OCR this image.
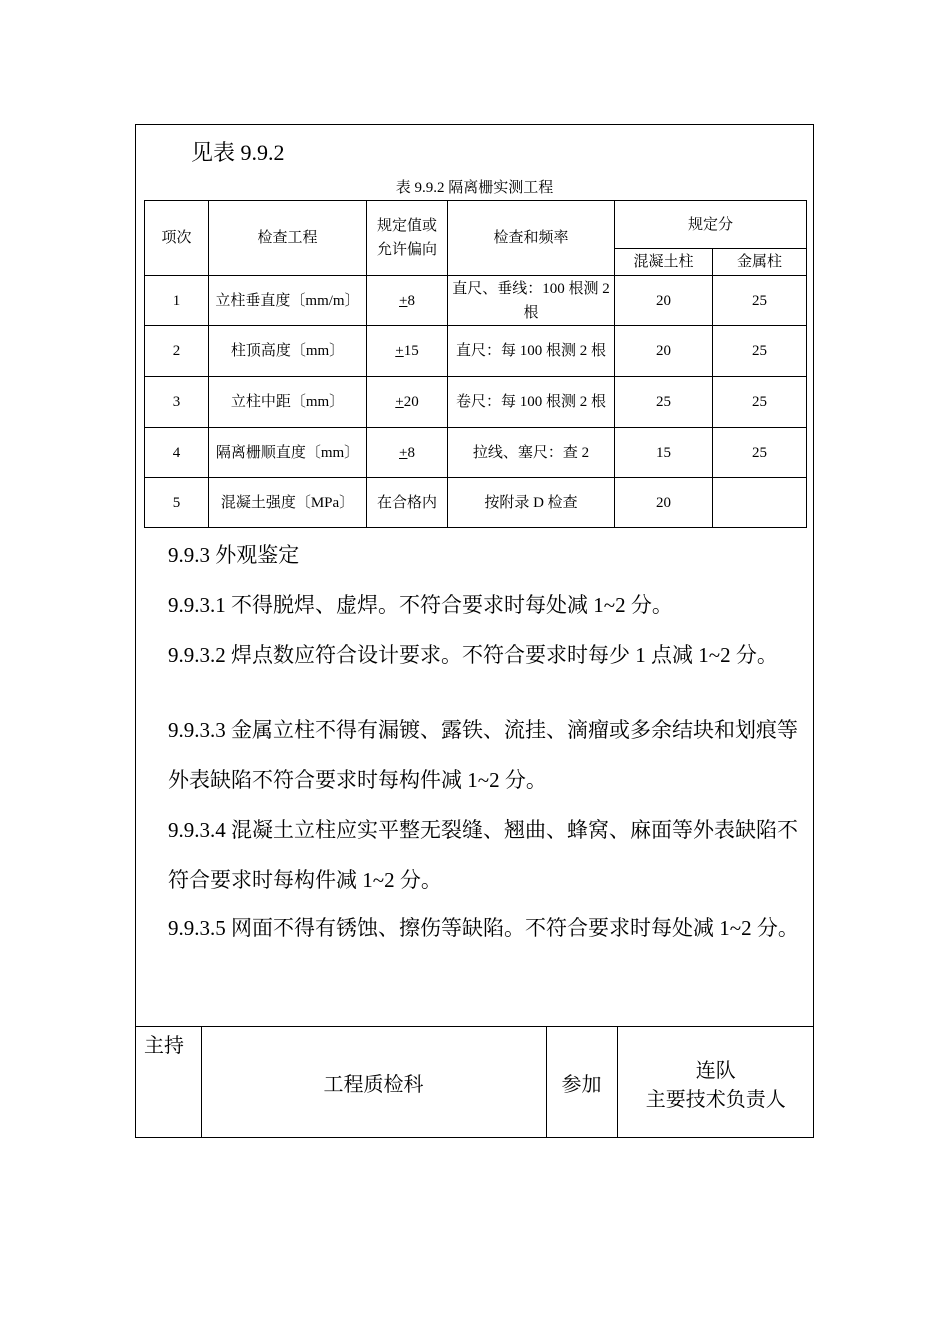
见表 9.9.2
表 9.9.2 隔离栅实测工程
项次	检查工程	规定值或允许偏向	检查和频率	规定分	
				混凝土柱	金属柱
1	立柱垂直度〔mm/m〕	+8	直尺、垂线：100 根测 2 根	20	25
2	柱顶高度〔mm〕	+15	直尺：每 100 根测 2 根	20	25
3	立柱中距〔mm〕	+20	卷尺：每 100 根测 2 根	25	25
4	隔离栅顺直度〔mm〕	+8	拉线、塞尺：查 2	15	25
5	混凝土强度〔MPa〕	在合格内	按附录 D 检查	20	
9.9.3 外观鉴定
9.9.3.1 不得脱焊、虚焊。不符合要求时每处减 1~2 分。
9.9.3.2 焊点数应符合设计要求。不符合要求时每少 1 点减 1~2 分。
9.9.3.3 金属立柱不得有漏镀、露铁、流挂、滴瘤或多余结块和划痕等外表缺陷不符合要求时每构件减 1~2 分。
9.9.3.4 混凝土立柱应实平整无裂缝、翘曲、蜂窝、麻面等外表缺陷不符合要求时每构件减 1~2 分。
9.9.3.5 网面不得有锈蚀、擦伤等缺陷。不符合要求时每处减 1~2 分。
主持	工程质检科	参加	
连队
主要技术负责人
